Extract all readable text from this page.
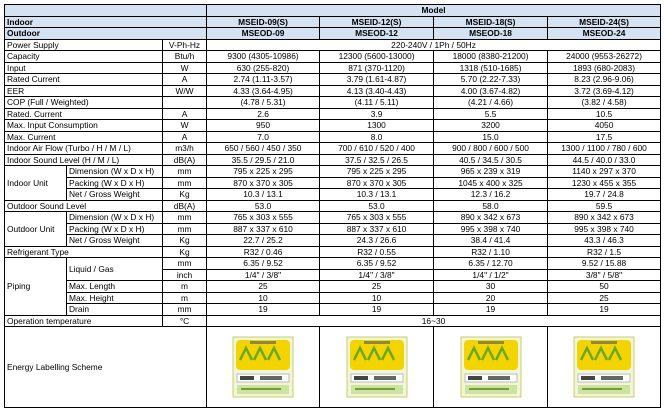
			Model			
Indoor			MSEID-09(S)	MSEID-12(S)	MSEID-18(S)	MSEID-24(S)
Outdoor			MSEOD-09	MSEOD-12	MSEOD-18	MSEOD-24
Power Supply		V-Ph-Hz	220-240V / 1Ph / 50Hz			
Capacity		Btu/h	9300 (4305-10986)	12300 (5600-13000)	18000 (8380-21200)	24000 (9553-26272)
Input		W	630 (255-820)	871 (370-1120)	1318 (510-1685)	1893 (680-2083)
Rated Current		A	2.74 (1.11-3.57)	3.79 (1.61-4.87)	5.70 (2.22-7.33)	8.23 (2.96-9.06)
EER		W/W	4.33 (3.64-4.95)	4.13 (3.40-4.43)	4.00 (3.67-4.82)	3.72 (3.69-4.12)
COP (Full / Weighted)			(4.78 / 5.31)	(4.11 / 5.11)	(4.21 / 4.66)	(3.82 / 4.58)
Rated. Current		A	2.6	3.9	5.5	10.5
Max. Input Consumption		W	950	1300	3200	4050
Max. Current		A	7.0	8.0	15.0	17.5
Indoor Air Flow (Turbo / H / M / L)		m3/h	650 / 560 / 450 / 350	700 / 610 / 520 / 400	900 / 800 / 600 / 500	1300 / 1100 / 780 / 600
Indoor Sound Level (H / M / L)		dB(A)	35.5 / 29.5 / 21.0	37.5 / 32.5 / 26.5	40.5 / 34.5 / 30.5	44.5 / 40.0 / 33.0
Indoor Unit	Dimension (W x D x H)	mm	795 x 225 x 295	795 x 225 x 295	965 x 239 x 319	1140 x 297 x 370
	Packing (W x D x H)	mm	870 x 370 x 305	870 x 370 x 305	1045 x 400 x 325	1230 x 455 x 355
	Net / Gross Weight	Kg	10.3 / 13.1	10.3 / 13.1	12.3 / 16.2	19.7 / 24.8
Outdoor Sound Level		dB(A)	53.0	53.0	58.0	59.5
Outdoor Unit	Dimension (W x D x H)	mm	765 x 303 x 555	765 x 303 x 555	890 x 342 x 673	890 x 342 x 673
	Packing (W x D x H)	mm	887 x 337 x 610	887 x 337 x 610	995 x 398 x 740	995 x 398 x 740
	Net / Gross Weight	Kg	22.7 / 25.2	24.3 / 26.6	38.4 / 41.4	43.3 / 46.3
Refrigerant Type		Kg	R32 / 0.46	R32 / 0.55	R32 / 1.10	R32 / 1.5
Piping	Liquid / Gas	mm	6.35 / 9.52	6.35 / 9.52	6.35 / 12.70	9.52 / 15.88
		inch	1/4" / 3/8"	1/4" / 3/8"	1/4" / 1/2"	3/8" / 5/8"
	Max. Length	m	25	25	30	50
	Max. Height	m	10	10	20	25
	Drain	mm	19	19	19	19
Operation temperature		°C	16~30			
Energy Labelling Scheme	
